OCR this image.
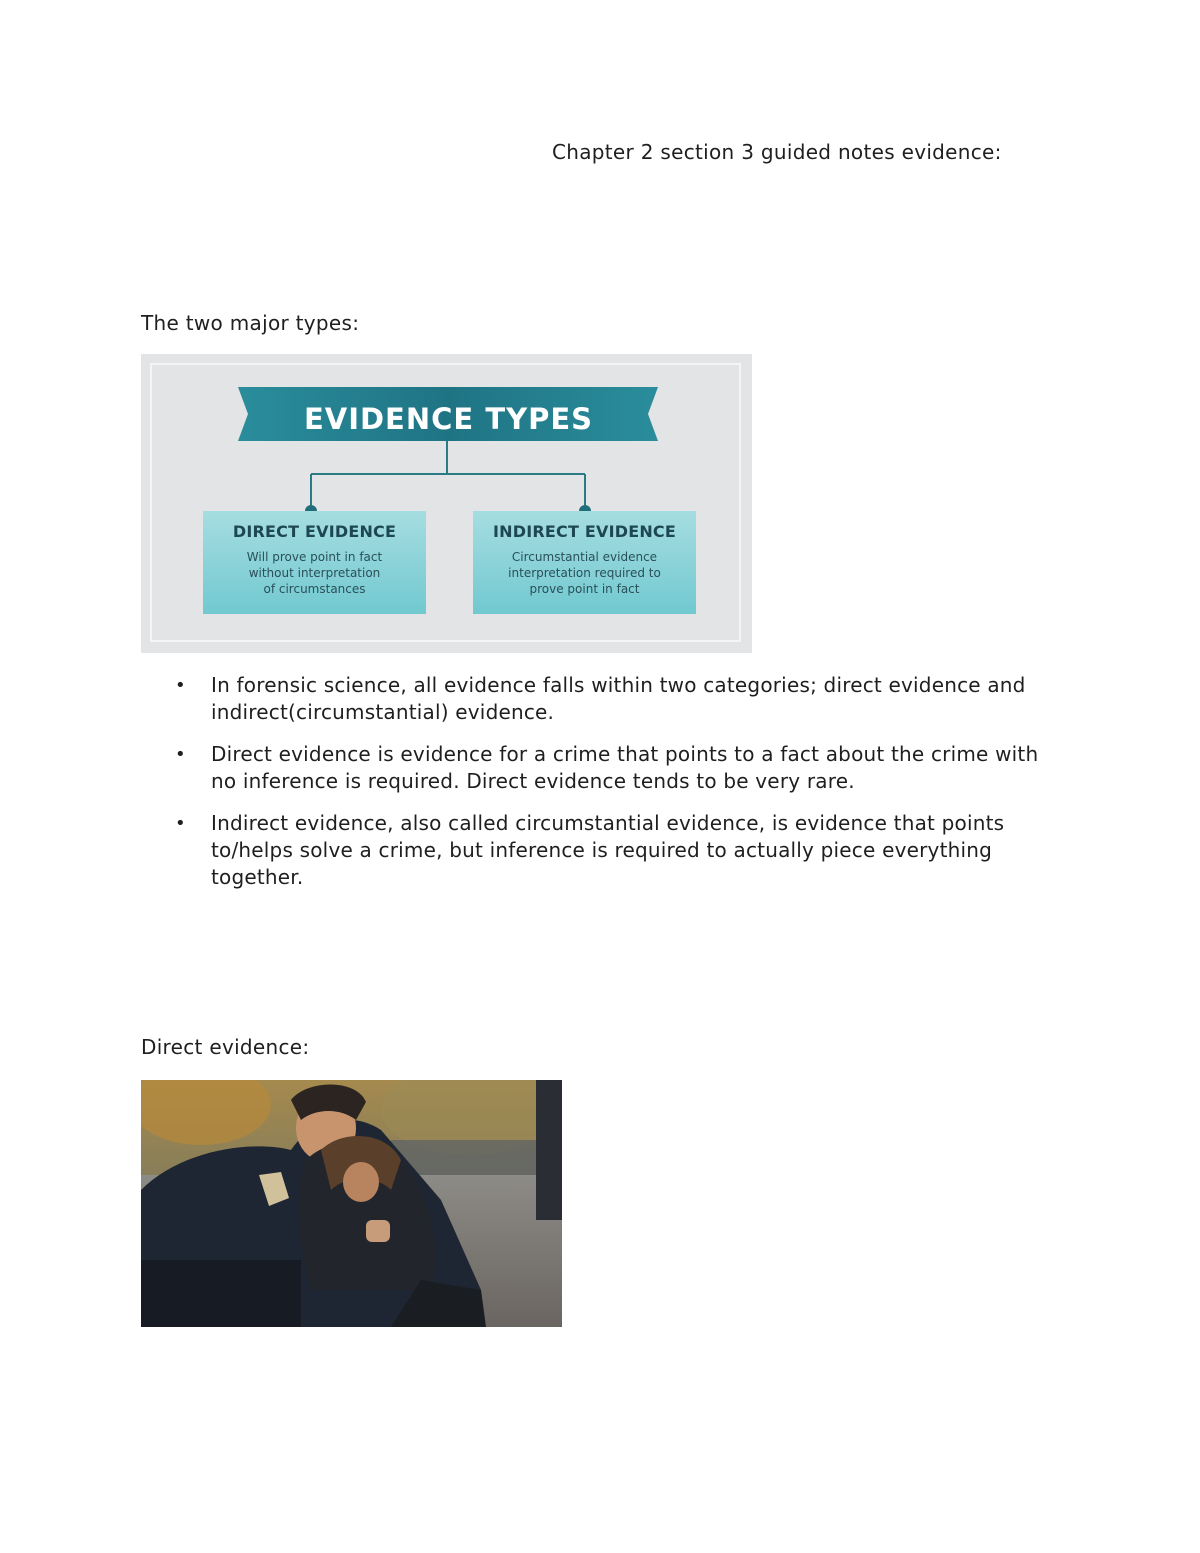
Chapter 2 section 3 guided notes evidence:
The two major types:
EVIDENCE TYPES
DIRECT EVIDENCE
Will prove point in fact
without interpretation
of circumstances
INDIRECT EVIDENCE
Circumstantial evidence
interpretation required to
prove point in fact
• In forensic science, all evidence falls within two categories; direct evidence and indirect(circumstantial) evidence.
• Direct evidence is evidence for a crime that points to a fact about the crime with no inference is required. Direct evidence tends to be very rare.
• Indirect evidence, also called circumstantial evidence, is evidence that points to/helps solve a crime, but inference is required to actually piece everything together.
Direct evidence:
